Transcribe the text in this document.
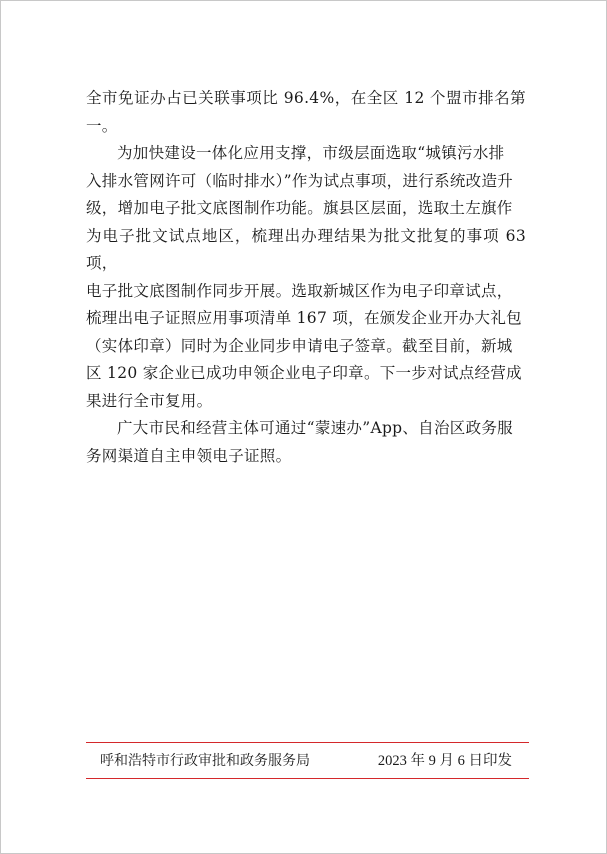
全市免证办占已关联事项比 96.4%，在全区 12 个盟市排名第一。

为加快建设一体化应用支撑，市级层面选取“城镇污水排
入排水管网许可（临时排水）”作为试点事项，进行系统改造升
级，增加电子批文底图制作功能。旗县区层面，选取土左旗作
为电子批文试点地区，梳理出办理结果为批文批复的事项 63 项，
电子批文底图制作同步开展。选取新城区作为电子印章试点，
梳理出电子证照应用事项清单 167 项，在颁发企业开办大礼包
（实体印章）同时为企业同步申请电子签章。截至目前，新城
区 120 家企业已成功申领企业电子印章。下一步对试点经营成
果进行全市复用。

广大市民和经营主体可通过“蒙速办”App、自治区政务服
务网渠道自主申领电子证照。

呼和浩特市行政审批和政务服务局	2023 年 9 月 6 日印发
